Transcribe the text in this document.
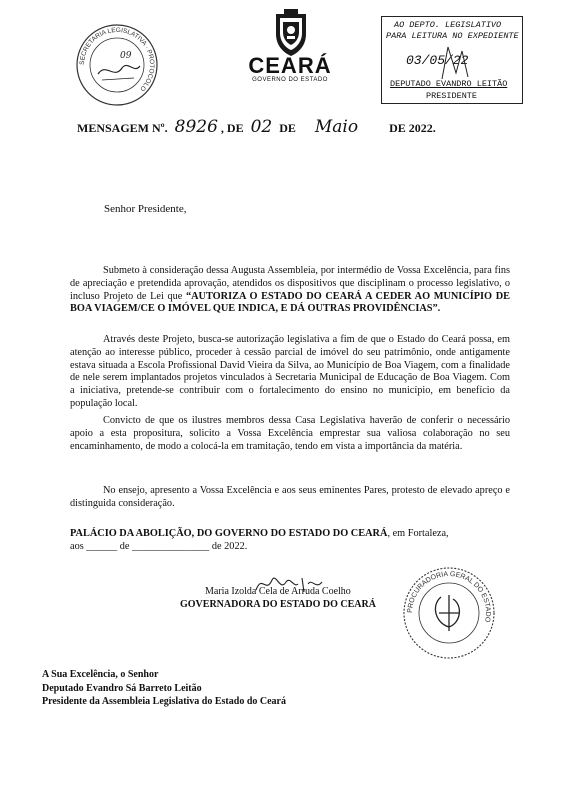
SECRETARIA LEGISLATIVA · PROTOCOLO
09	CEARÁ
GOVERNO DO ESTADO
AO DEPTO. LEGISLATIVO
PARA LEITURA NO EXPEDIENTE
03/05/22
DEPUTADO EVANDRO LEITÃO
PRESIDENTE
MENSAGEM Nº. 8926 , DE 02 DE Maio	DE 2022.
Senhor Presidente,

Submeto à consideração dessa Augusta Assembleia, por intermédio de Vossa Excelência, para fins de apreciação e pretendida aprovação, atendidos os dispositivos que disciplinam o processo legislativo, o incluso Projeto de Lei que “AUTORIZA O ESTADO DO CEARÁ A CEDER AO MUNICÍPIO DE BOA VIAGEM/CE O IMÓVEL QUE INDICA, E DÁ OUTRAS PROVIDÊNCIAS”.

Através deste Projeto, busca-se autorização legislativa a fim de que o Estado do Ceará possa, em atenção ao interesse público, proceder à cessão parcial de imóvel do seu patrimônio, onde antigamente estava situada a Escola Profissional David Vieira da Silva, ao Município de Boa Viagem, com a finalidade de nele serem implantados projetos vinculados à Secretaria Municipal de Educação de Boa Viagem. Com a iniciativa, pretende-se contribuir com o fortalecimento do ensino no município, em benefício da população local.

Convicto de que os ilustres membros dessa Casa Legislativa haverão de conferir o necessário apoio a esta propositura, solicito a Vossa Excelência emprestar sua valiosa colaboração no seu encaminhamento, de modo a colocá-la em tramitação, tendo em vista a importância da matéria.

No ensejo, apresento a Vossa Excelência e aos seus eminentes Pares, protesto de elevado apreço e distinguida consideração.

PALÁCIO DA ABOLIÇÃO, DO GOVERNO DO ESTADO DO CEARÁ, em Fortaleza,
aos ______ de _______________ de 2022.

Maria Izolda Cela de Arruda Coelho
GOVERNADORA DO ESTADO DO CEARÁ
PROCURADORIA GERAL DO ESTADO
A Sua Excelência, o Senhor
Deputado Evandro Sá Barreto Leitão
Presidente da Assembleia Legislativa do Estado do Ceará
